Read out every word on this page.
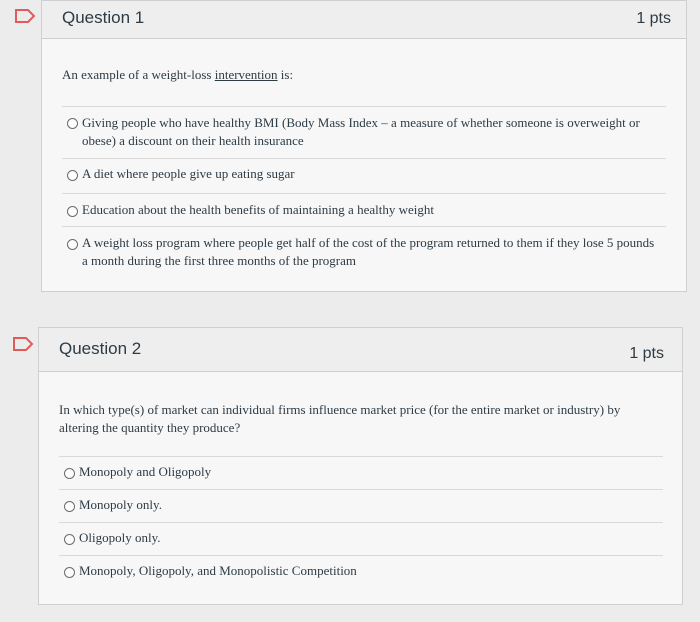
Question 1	1 pts
An example of a weight-loss intervention is:
Giving people who have healthy BMI (Body Mass Index – a measure of whether someone is overweight or obese) a discount on their health insurance
A diet where people give up eating sugar
Education about the health benefits of maintaining a healthy weight
A weight loss program where people get half of the cost of the program returned to them if they lose 5 pounds a month during the first three months of the program
Question 2	1 pts
In which type(s) of market can individual firms influence market price (for the entire market or industry) by altering the quantity they produce?
Monopoly and Oligopoly
Monopoly only.
Oligopoly only.
Monopoly, Oligopoly, and Monopolistic Competition
